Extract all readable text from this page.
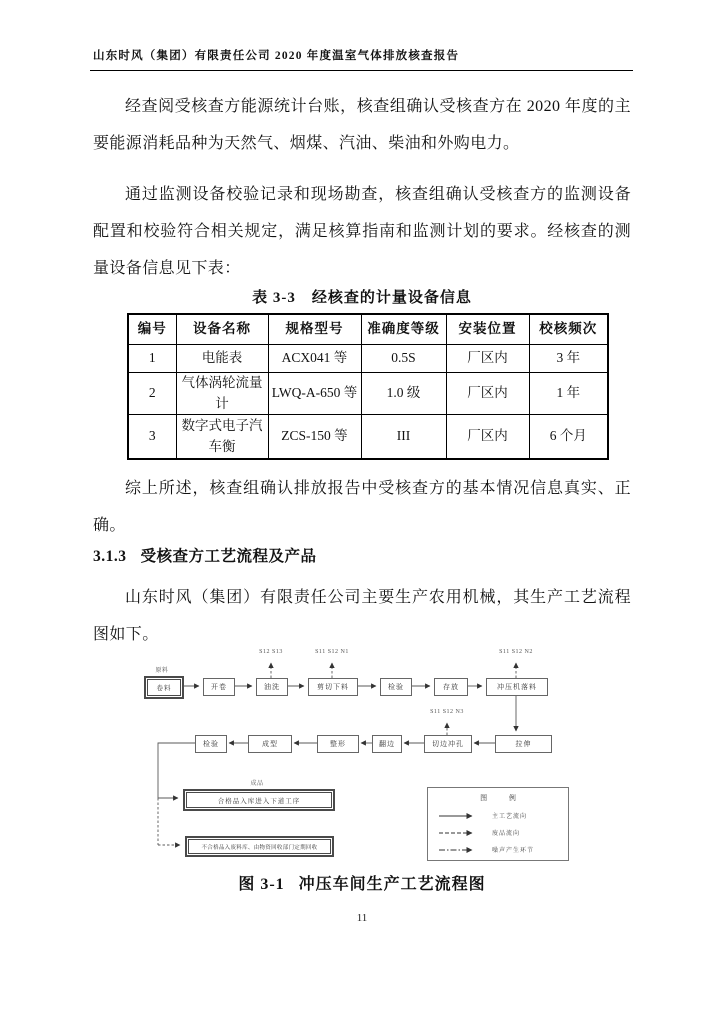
山东时风（集团）有限责任公司 2020 年度温室气体排放核查报告
经查阅受核查方能源统计台账，核查组确认受核查方在 2020 年度的主要能源消耗品种为天然气、烟煤、汽油、柴油和外购电力。
通过监测设备校验记录和现场勘查，核查组确认受核查方的监测设备配置和校验符合相关规定，满足核算指南和监测计划的要求。经核查的测量设备信息见下表：
表 3-3 经核查的计量设备信息
编号	设备名称	规格型号	准确度等级	安装位置	校核频次
1	电能表	ACX041 等	0.5S	厂区内	3 年
2	气体涡轮流量计	LWQ-A-650 等	1.0 级	厂区内	1 年
3	数字式电子汽车衡	ZCS-150 等	III	厂区内	6 个月
综上所述，核查组确认排放报告中受核查方的基本情况信息真实、正确。
3.1.3 受核查方工艺流程及产品
山东时风（集团）有限责任公司主要生产农用机械，其生产工艺流程图如下。
原料
S12 S13	S11 S12 N1	S11 S12 N2
S11 S12 N3
卷料	开卷	油洗	剪切下料	检验	存放	冲压机落料
检验	成型	整形	翻边	切边冲孔	拉伸
成品
合格品入库进入下道工序
不合格品入废料库、由物资回收部门定期回收
图 例
主工艺流向
废品流向
噪声产生环节
图 3-1 冲压车间生产工艺流程图
11
